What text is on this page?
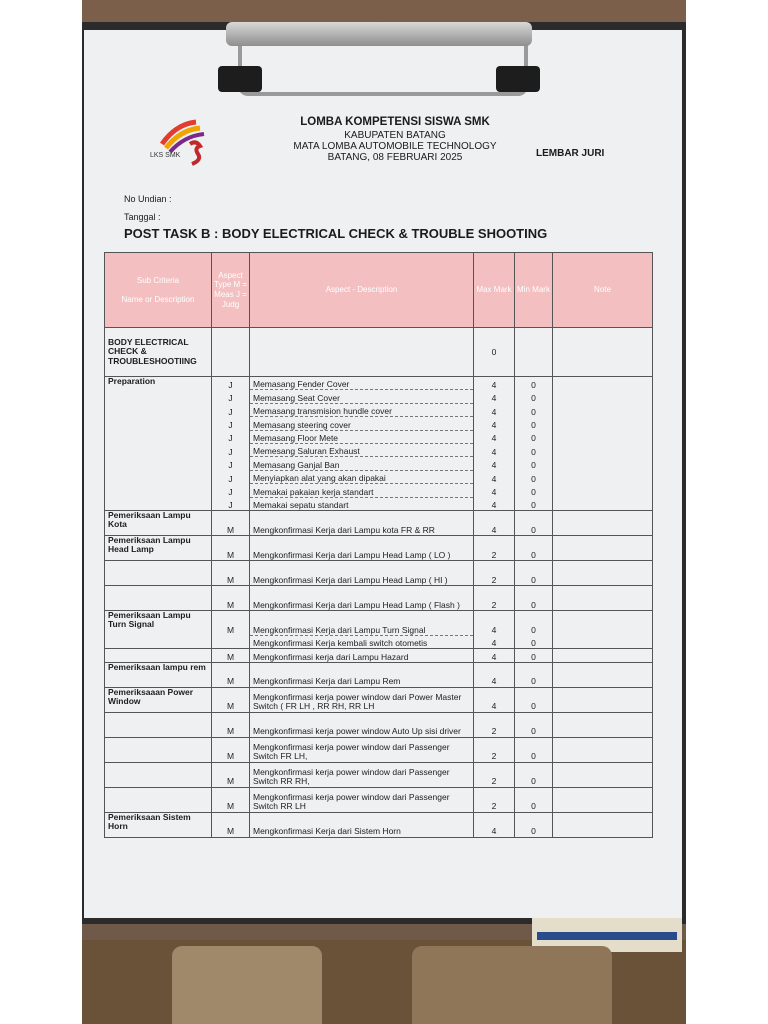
LKS SMK
LOMBA KOMPETENSI SISWA SMK
KABUPATEN BATANG
MATA LOMBA AUTOMOBILE TECHNOLOGY
BATANG, 08 FEBRUARI 2025	LEMBAR JURI
No Undian :
Tanggal :
POST TASK B : BODY ELECTRICAL CHECK & TROUBLE SHOOTING
Sub Criteria

Name or Description	Aspect Type M = Meas J = Judg	Aspect - Description	Max Mark	Min Mark	Note
BODY ELECTRICAL CHECK & TROUBLESHOOTIING			0		
Preparation	J	Memasang Fender Cover	4	0	
	J	Memasang Seat Cover	4	0	
	J	Memasang transmision hundle cover	4	0	
	J	Memasang steering cover	4	0	
	J	Memasang Floor Mete	4	0	
	J	Memesang Saluran Exhaust	4	0	
	J	Memasang Ganjal Ban	4	0	
	J	Menyiapkan alat yang akan dipakai	4	0	
	J	Memakai pakaian kerja standart	4	0	
	J	Memakai sepatu standart	4	0	
Pemeriksaan Lampu Kota	M	Mengkonfirmasi Kerja dari Lampu kota FR & RR	4	0	
Pemeriksaan Lampu Head Lamp	M	Mengkonfirmasi Kerja dari Lampu Head Lamp ( LO )	2	0	
	M	Mengkonfirmasi Kerja dari Lampu Head Lamp ( HI )	2	0	
	M	Mengkonfirmasi Kerja dari Lampu Head Lamp ( Flash )	2	0	
Pemeriksaan Lampu Turn Signal	M	Mengkonfirmasi Kerja dari Lampu Turn Signal	4	0	
		Mengkonfirmasi Kerja kembali switch otometis	4	0	
	M	Mengkonfirmasi kerja dari Lampu Hazard	4	0	
Pemeriksaan lampu rem	M	Mengkonfirmasi Kerja dari Lampu Rem	4	0	
Pemeriksaaan Power Window	M	Mengkonfirmasi kerja power window dari Power Master Switch ( FR LH , RR RH, RR LH	4	0	
	M	Mengkonfirmasi kerja power window Auto Up sisi driver	2	0	
	M	Mengkonfirmasi kerja power window dari Passenger Switch FR LH,	2	0	
	M	Mengkonfirmasi kerja power window dari Passenger Switch RR RH,	2	0	
	M	Mengkonfirmasi kerja power window dari Passenger Switch RR LH	2	0	
Pemeriksaan Sistem Horn	M	Mengkonfirmasi Kerja dari Sistem Horn	4	0	
